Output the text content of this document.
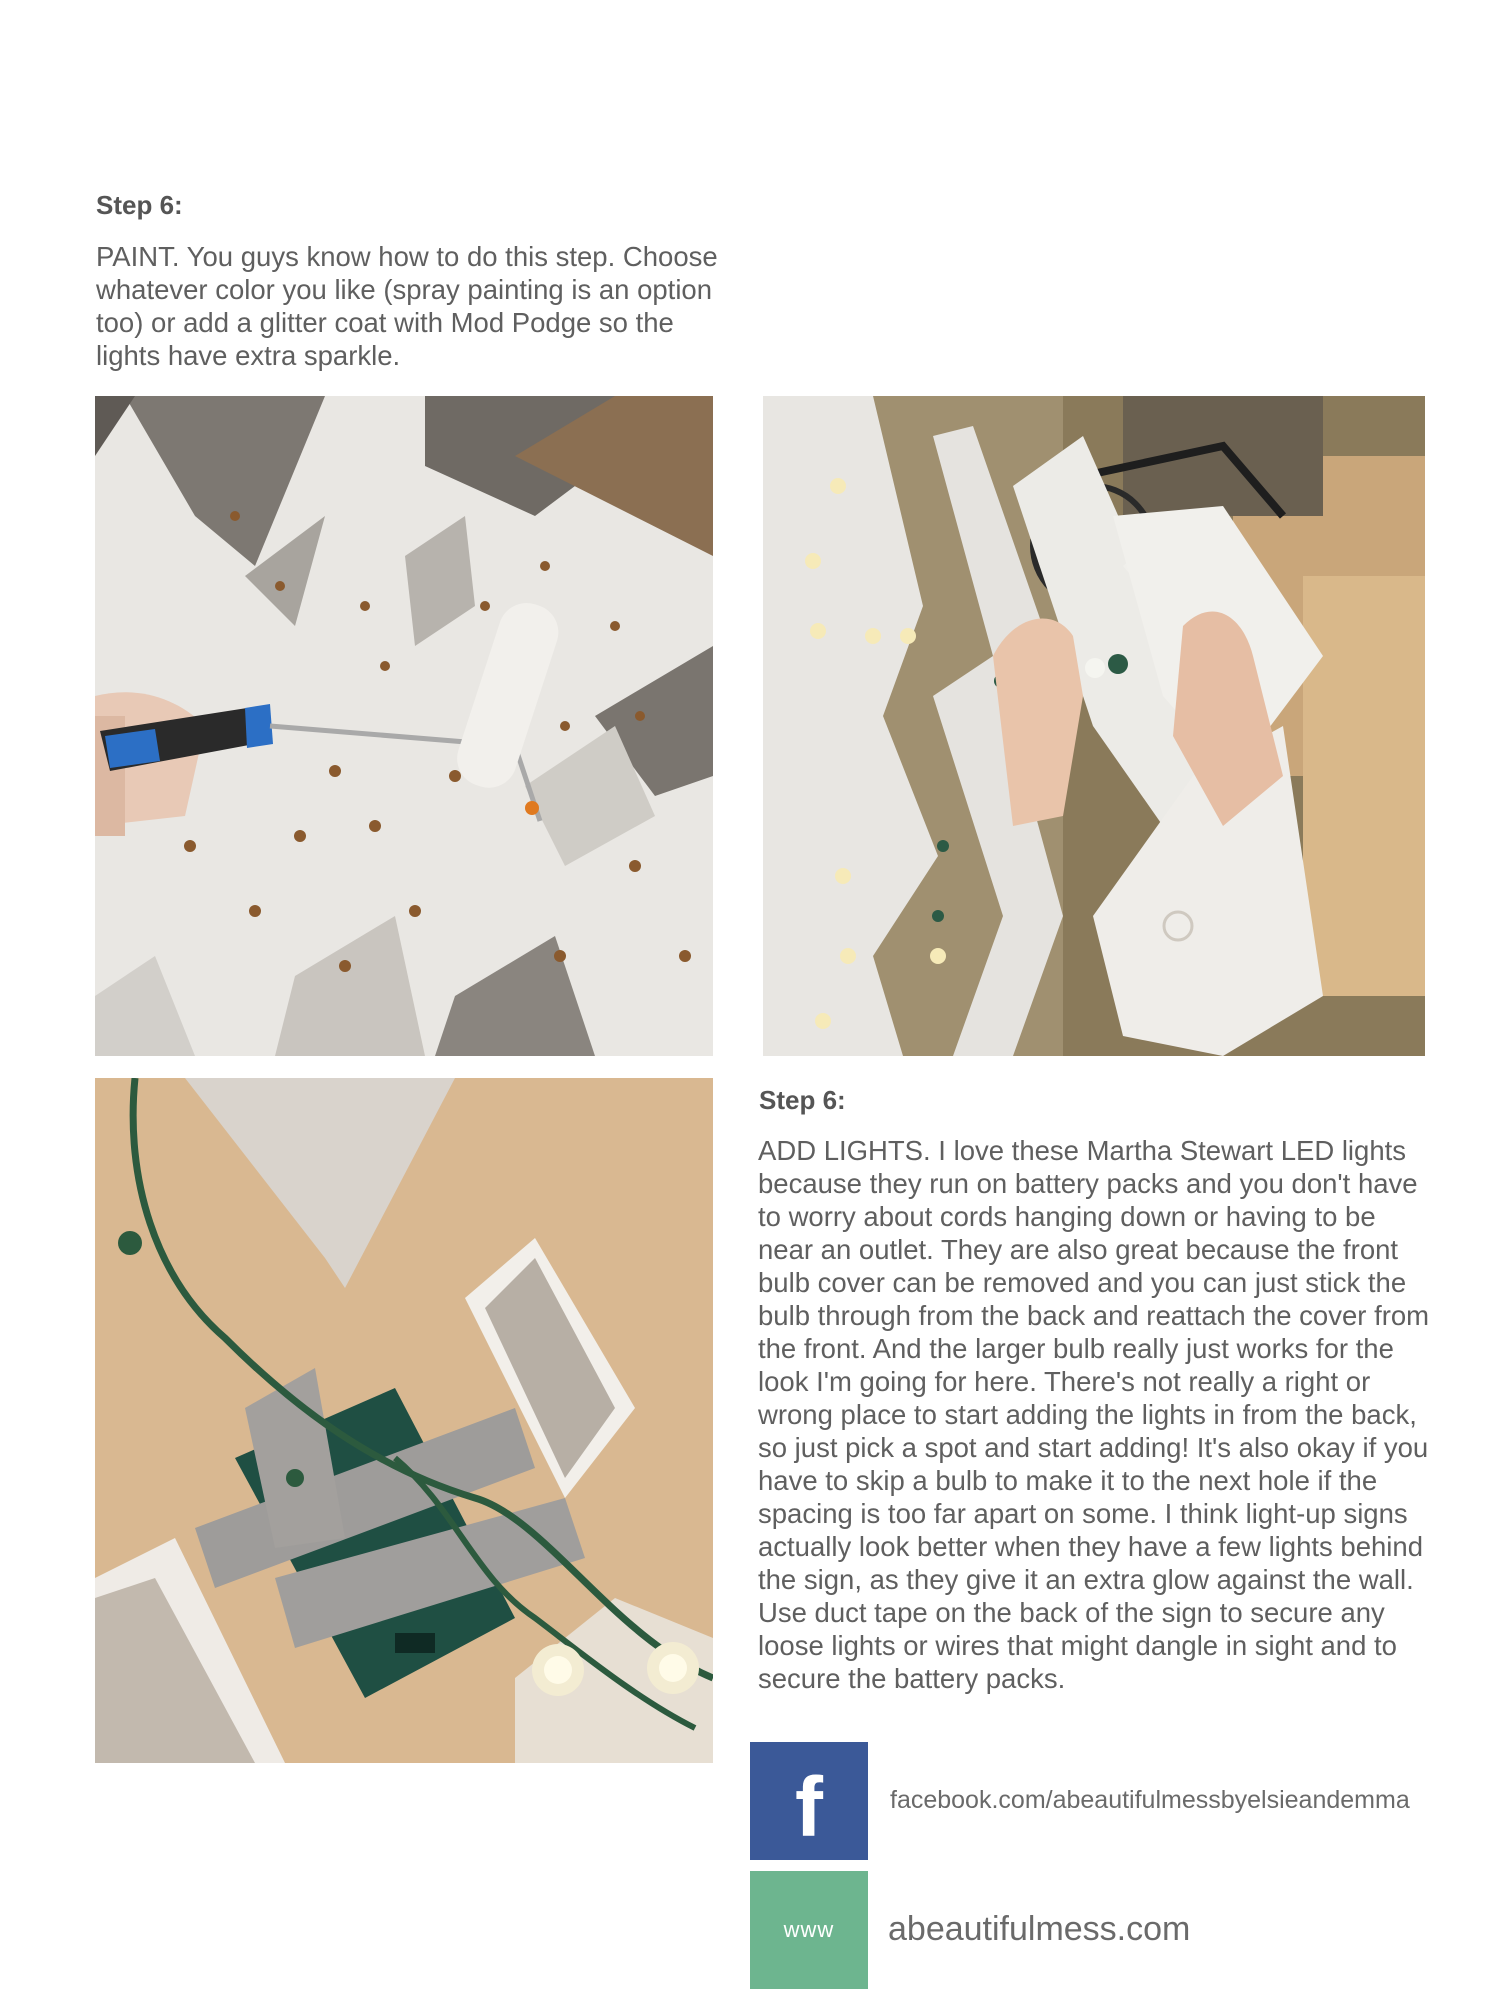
Step 6:

PAINT. You guys know how to do this step. Choose whatever color you like (spray painting is an option too) or add a glitter coat with Mod Podge so the lights have extra sparkle.

Step 6:

ADD LIGHTS. I love these Martha Stewart LED lights because they run on battery packs and you don't have to worry about cords hanging down or having to be near an outlet. They are also great because the front bulb cover can be removed and you can just stick the bulb through from the back and reattach the cover from the front. And the larger bulb really just works for the look I'm going for here. There's not really a right or wrong place to start adding the lights in from the back, so just pick a spot and start adding! It's also okay if you have to skip a bulb to make it to the next hole if the spacing is too far apart on some. I think light-up signs actually look better when they have a few lights behind the sign, as they give it an extra glow against the wall. Use duct tape on the back of the sign to secure any loose lights or wires that might dangle in sight and to secure the battery packs.

f	facebook.com/abeautifulmessbyelsieandemma
www abeautifulmess.com
